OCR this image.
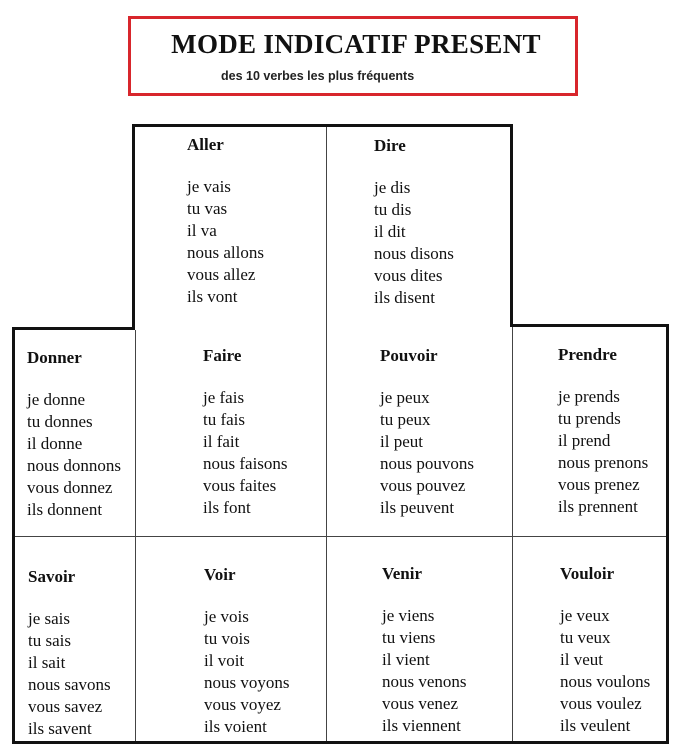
MODE INDICATIF PRESENT
des 10 verbes les plus fréquents
Aller
je vais
tu vas
il va
nous allons
vous allez
ils vont
Dire
je dis
tu dis
il dit
nous disons
vous dites
ils disent
Donner
je donne
tu donnes
il donne
nous donnons
vous donnez
ils donnent
Faire
je fais
tu fais
il fait
nous faisons
vous faites
ils font
Pouvoir
je peux
tu peux
il peut
nous pouvons
vous pouvez
ils peuvent
Prendre
je prends
tu prends
il prend
nous prenons
vous prenez
ils prennent
Savoir
je sais
tu sais
il sait
nous savons
vous savez
ils savent
Voir
je vois
tu vois
il voit
nous voyons
vous voyez
ils voient
Venir
je viens
tu viens
il vient
nous venons
vous venez
ils viennent
Vouloir
je veux
tu veux
il veut
nous voulons
vous voulez
ils veulent
